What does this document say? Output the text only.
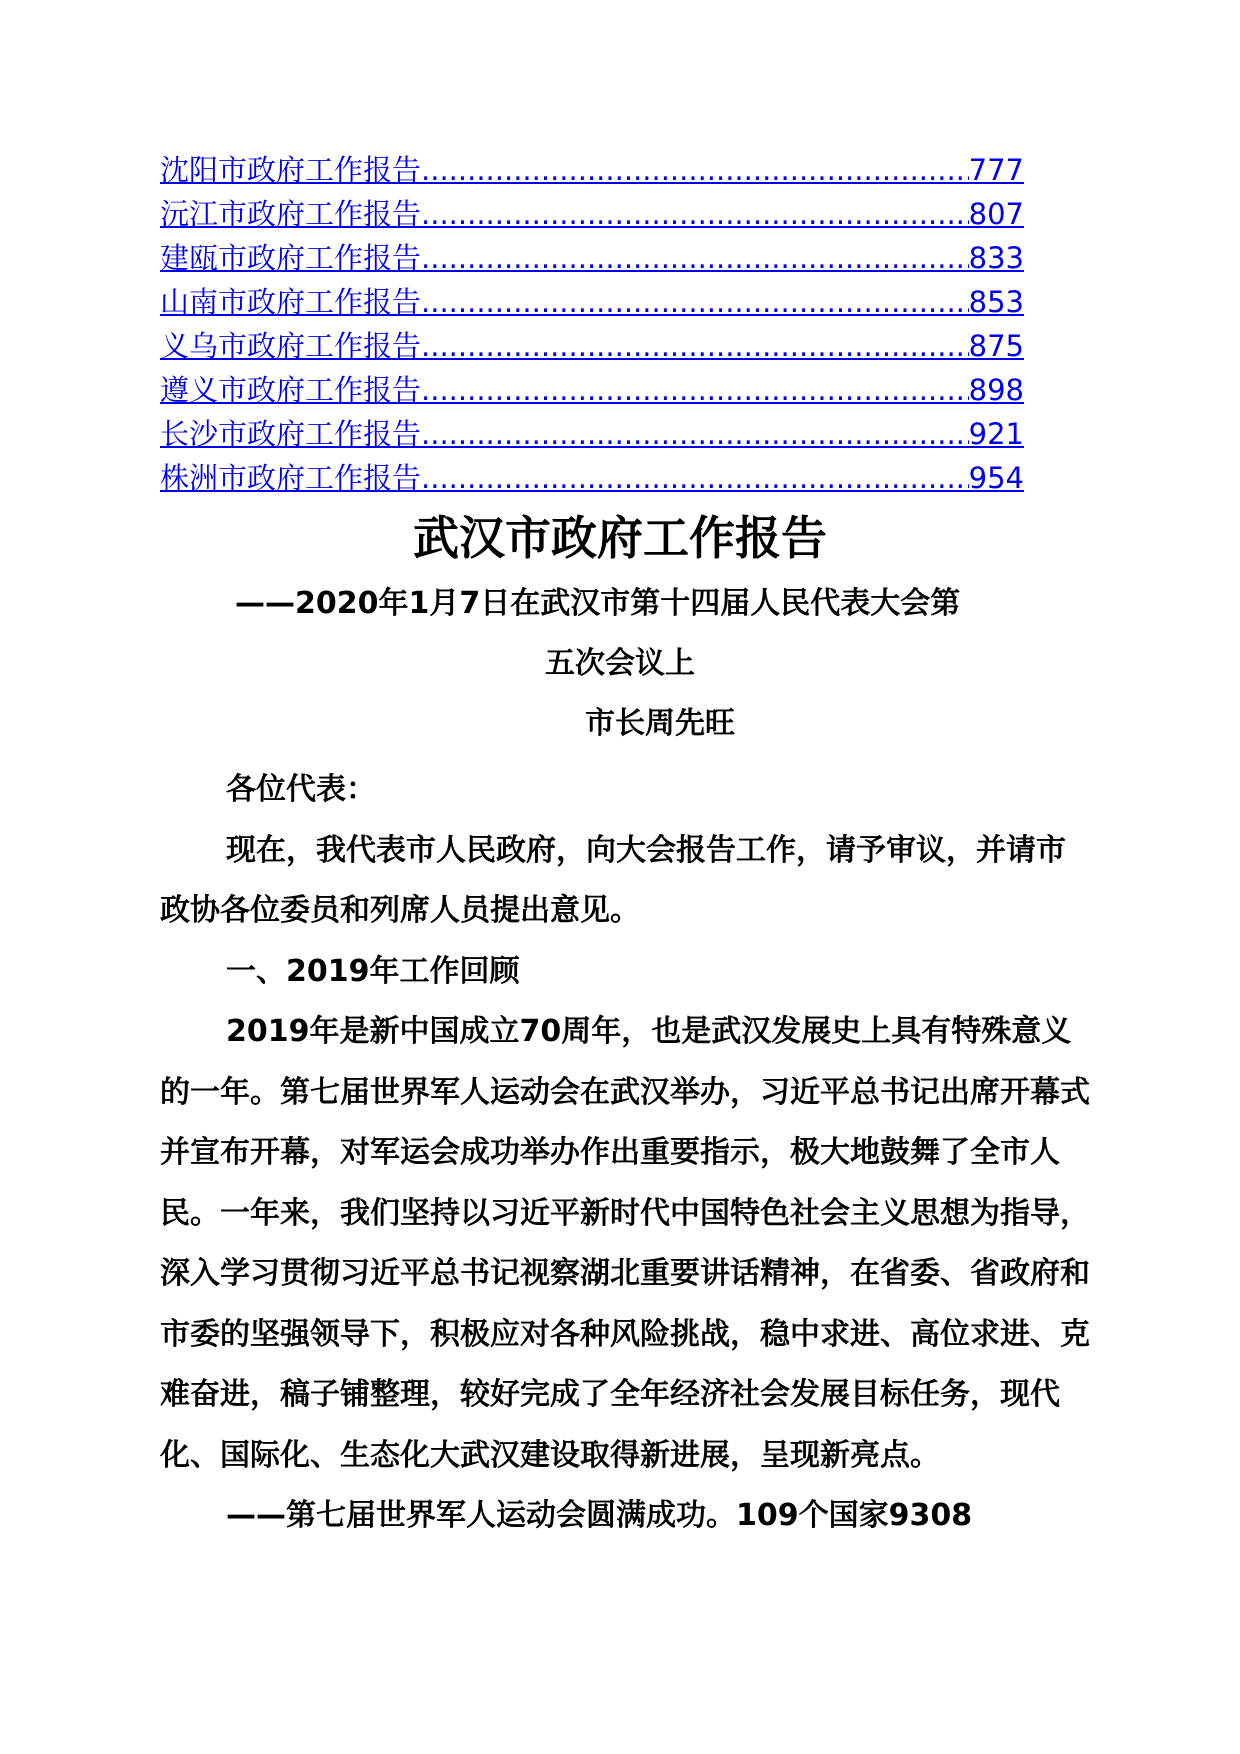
沈阳市政府工作报告 .....	777
沅江市政府工作报告 .....	807
建瓯市政府工作报告 .....	833
山南市政府工作报告 .....	853
义乌市政府工作报告 .....	875
遵义市政府工作报告 .....	898
长沙市政府工作报告 .....	921
株洲市政府工作报告 .....	954
武汉市政府工作报告
——2020年1月7日在武汉市第十四届人民代表大会第
五次会议上
市长周先旺

各位代表：

现在，我代表市人民政府，向大会报告工作，请予审议，并请市政协各位委员和列席人员提出意见。

一、2019年工作回顾

2019年是新中国成立70周年，也是武汉发展史上具有特殊意义的一年。第七届世界军人运动会在武汉举办，习近平总书记出席开幕式并宣布开幕，对军运会成功举办作出重要指示，极大地鼓舞了全市人民。一年来，我们坚持以习近平新时代中国特色社会主义思想为指导，深入学习贯彻习近平总书记视察湖北重要讲话精神，在省委、省政府和市委的坚强领导下，积极应对各种风险挑战，稳中求进、高位求进、克难奋进，稿子铺整理，较好完成了全年经济社会发展目标任务，现代化、国际化、生态化大武汉建设取得新进展，呈现新亮点。

——第七届世界军人运动会圆满成功。109个国家9308
